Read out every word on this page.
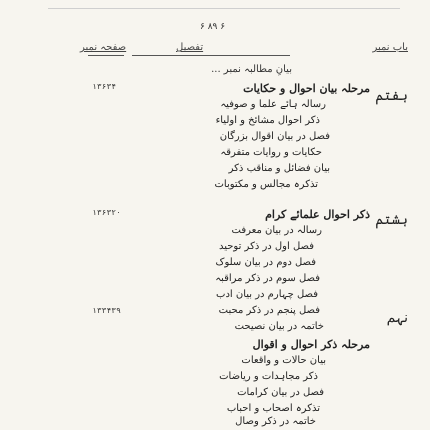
۶ ۸۹ ۶
باب نمبر
تفصیل
صفحہ نمبر
بیانِ مطالبہ نمبر ...
ہفتم
۱۳۶۳۴	مرحلہ بیان احوال و حکایات
رسالہ ہائے علما و صوفیہ
ذکر احوال مشائخ و اولیاء
فصل در بیان اقوال بزرگان
حکایات و روایات متفرقہ
بیان فضائل و مناقب ذکر
تذکرہ مجالس و مکتوبات
ہشتم
۱۳۶۳۲۰	ذکر احوال علمائے کرام
رسالہ در بیان معرفت
فصل اول در ذکر توحید
فصل دوم در بیان سلوک
فصل سوم در ذکر مراقبہ
فصل چہارم در بیان ادب
فصل پنجم در ذکر محبت
خاتمہ در بیان نصیحت
نہم
۱۳۳۴۳۹
مرحلہ ذکر احوال و اقوال
بیان حالات و واقعات
ذکر مجاہدات و ریاضات
فصل در بیان کرامات
تذکرہ اصحاب و احباب
خاتمہ در ذکر وصال
